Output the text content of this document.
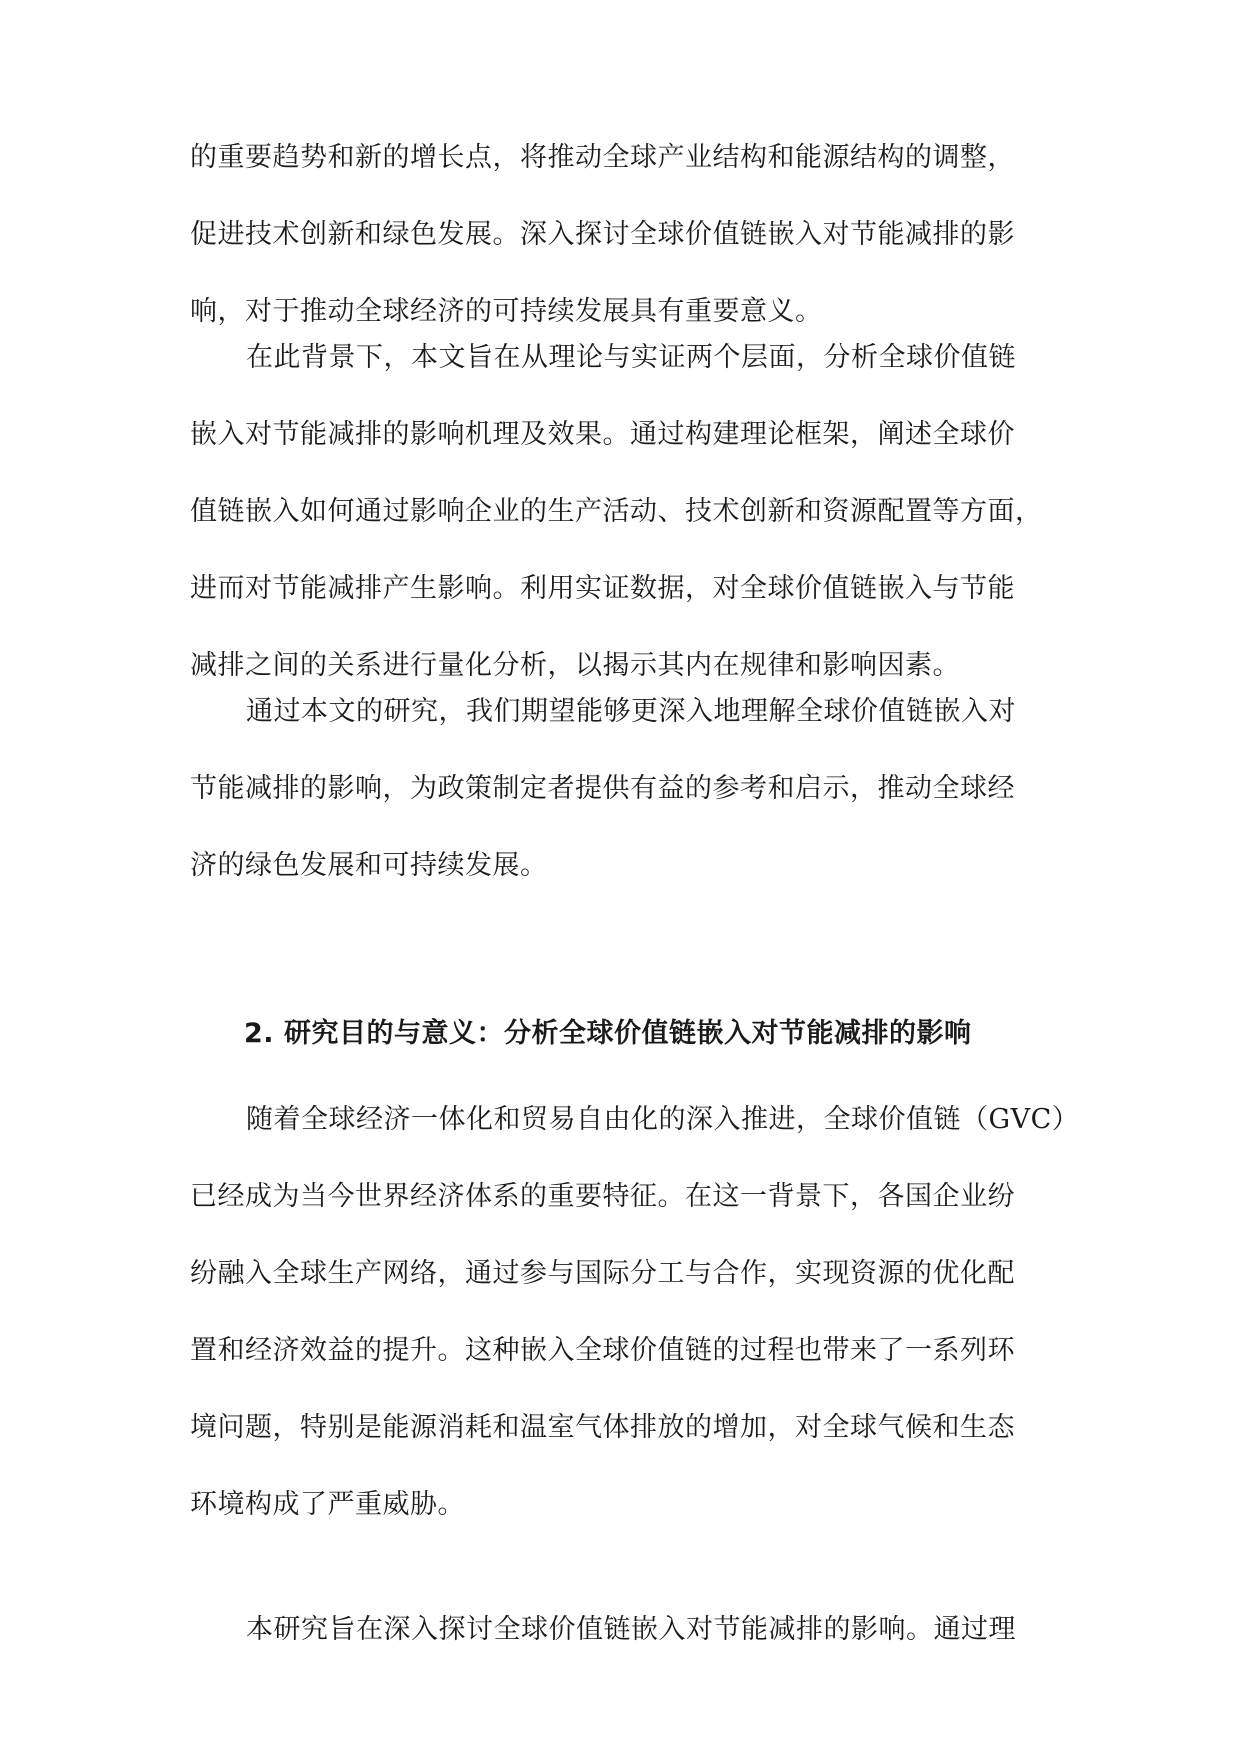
的重要趋势和新的增长点，将推动全球产业结构和能源结构的调整，
促进技术创新和绿色发展。深入探讨全球价值链嵌入对节能减排的影
响，对于推动全球经济的可持续发展具有重要意义。

在此背景下，本文旨在从理论与实证两个层面，分析全球价值链
嵌入对节能减排的影响机理及效果。通过构建理论框架，阐述全球价
值链嵌入如何通过影响企业的生产活动、技术创新和资源配置等方面，
进而对节能减排产生影响。利用实证数据，对全球价值链嵌入与节能
减排之间的关系进行量化分析，以揭示其内在规律和影响因素。

通过本文的研究，我们期望能够更深入地理解全球价值链嵌入对
节能减排的影响，为政策制定者提供有益的参考和启示，推动全球经
济的绿色发展和可持续发展。

2. 研究目的与意义：分析全球价值链嵌入对节能减排的影响

随着全球经济一体化和贸易自由化的深入推进，全球价值链（GVC）
已经成为当今世界经济体系的重要特征。在这一背景下，各国企业纷
纷融入全球生产网络，通过参与国际分工与合作，实现资源的优化配
置和经济效益的提升。这种嵌入全球价值链的过程也带来了一系列环
境问题，特别是能源消耗和温室气体排放的增加，对全球气候和生态
环境构成了严重威胁。

本研究旨在深入探讨全球价值链嵌入对节能减排的影响。通过理
